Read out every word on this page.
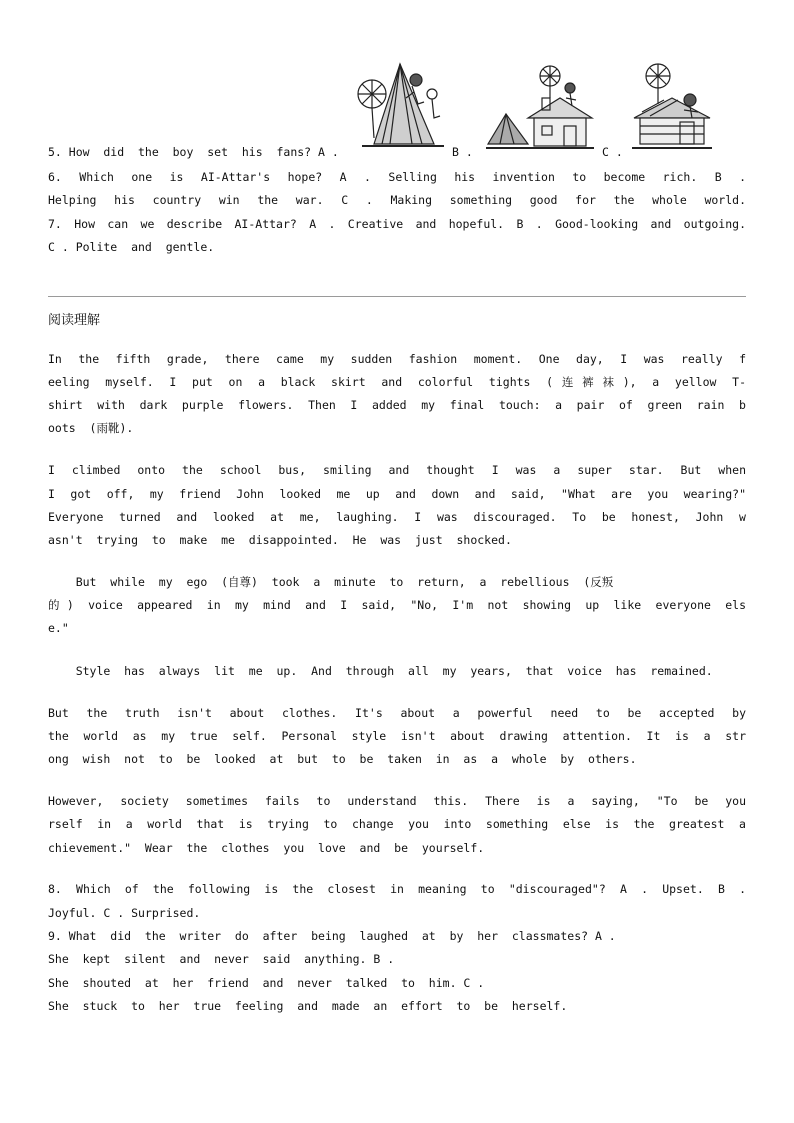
5. How  did  the  boy  set  his  fans? A .	B .	C .
6. Which one is AI-Attar's hope? A . Selling his invention to become rich. B .
Helping his country win the war. C . Making something good for the whole world.
7. How can we describe AI-Attar? A . Creative and hopeful. B . Good-looking and outgoing.
C . Polite  and  gentle.
阅读理解
In the fifth grade, there came my sudden fashion moment. One day, I was really f
eeling myself. I put on a black skirt and colorful tights (连裤袜), a yellow T-
shirt with dark purple flowers. Then I added my final touch: a pair of green rain b
oots  (雨靴).
I climbed onto the school bus, smiling and thought I was a super star. But when
I got off, my friend John looked me up and down and said, "What are you wearing?"
Everyone turned and looked at me, laughing. I was discouraged. To be honest, John w
asn't  trying  to  make  me  disappointed.  He  was  just  shocked.
But  while  my  ego  (自尊)  took  a  minute  to  return,  a  rebellious  (反叛
的) voice appeared in my mind and I said, "No, I'm not showing up like everyone els
e."
Style  has  always  lit  me  up.  And  through  all  my  years,  that  voice  has  remained.
But the truth isn't about clothes. It's about a powerful need to be accepted by
the world as my true self. Personal style isn't about drawing attention. It is a str
ong  wish  not  to  be  looked  at  but  to  be  taken  in  as  a  whole  by  others.
However, society sometimes fails to understand this. There is a saying, "To be you
rself in a world that is trying to change you into something else is the greatest a
chievement."  Wear  the  clothes  you  love  and  be  yourself.
8. Which of the following is the closest in meaning to "discouraged"? A . Upset. B .
Joyful. C . Surprised.
9. What  did  the  writer  do  after  being  laughed  at  by  her  classmates? A .
She  kept  silent  and  never  said  anything. B .
She  shouted  at  her  friend  and  never  talked  to  him. C .
She  stuck  to  her  true  feeling  and  made  an  effort  to  be  herself.
